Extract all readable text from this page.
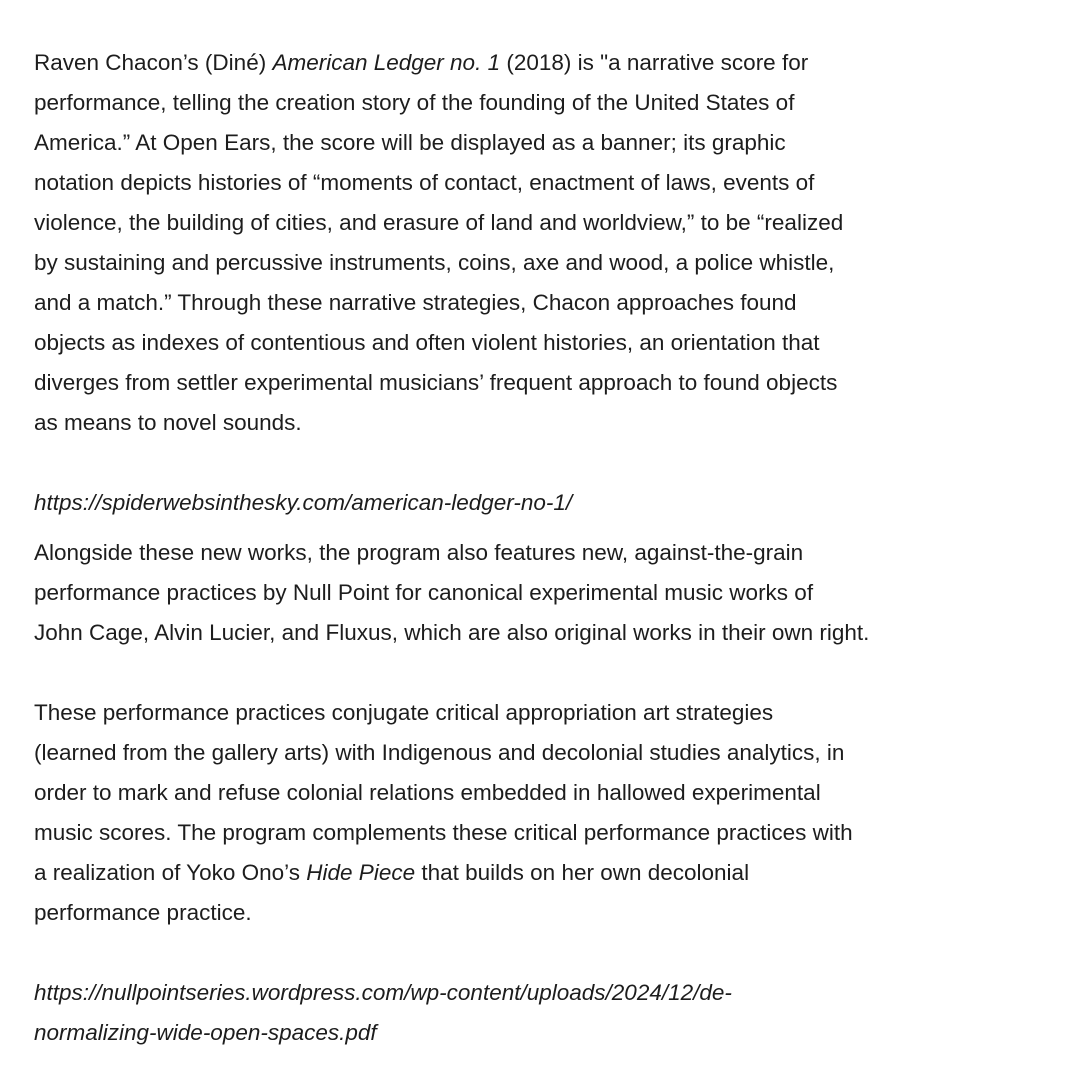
Raven Chacon’s (Diné) American Ledger no. 1 (2018) is "a narrative score for
performance, telling the creation story of the founding of the United States of
America.” At Open Ears, the score will be displayed as a banner; its graphic
notation depicts histories of “moments of contact, enactment of laws, events of
violence, the building of cities, and erasure of land and worldview,” to be “realized
by sustaining and percussive instruments, coins, axe and wood, a police whistle,
and a match.” Through these narrative strategies, Chacon approaches found
objects as indexes of contentious and often violent histories, an orientation that
diverges from settler experimental musicians’ frequent approach to found objects
as means to novel sounds.

https://spiderwebsinthesky.com/american-ledger-no-1/

Alongside these new works, the program also features new, against-the-grain
performance practices by Null Point for canonical experimental music works of
John Cage, Alvin Lucier, and Fluxus, which are also original works in their own right.

These performance practices conjugate critical appropriation art strategies
(learned from the gallery arts) with Indigenous and decolonial studies analytics, in
order to mark and refuse colonial relations embedded in hallowed experimental
music scores. The program complements these critical performance practices with
a realization of Yoko Ono’s Hide Piece that builds on her own decolonial
performance practice.

https://nullpointseries.wordpress.com/wp-content/uploads/2024/12/de-
normalizing-wide-open-spaces.pdf
